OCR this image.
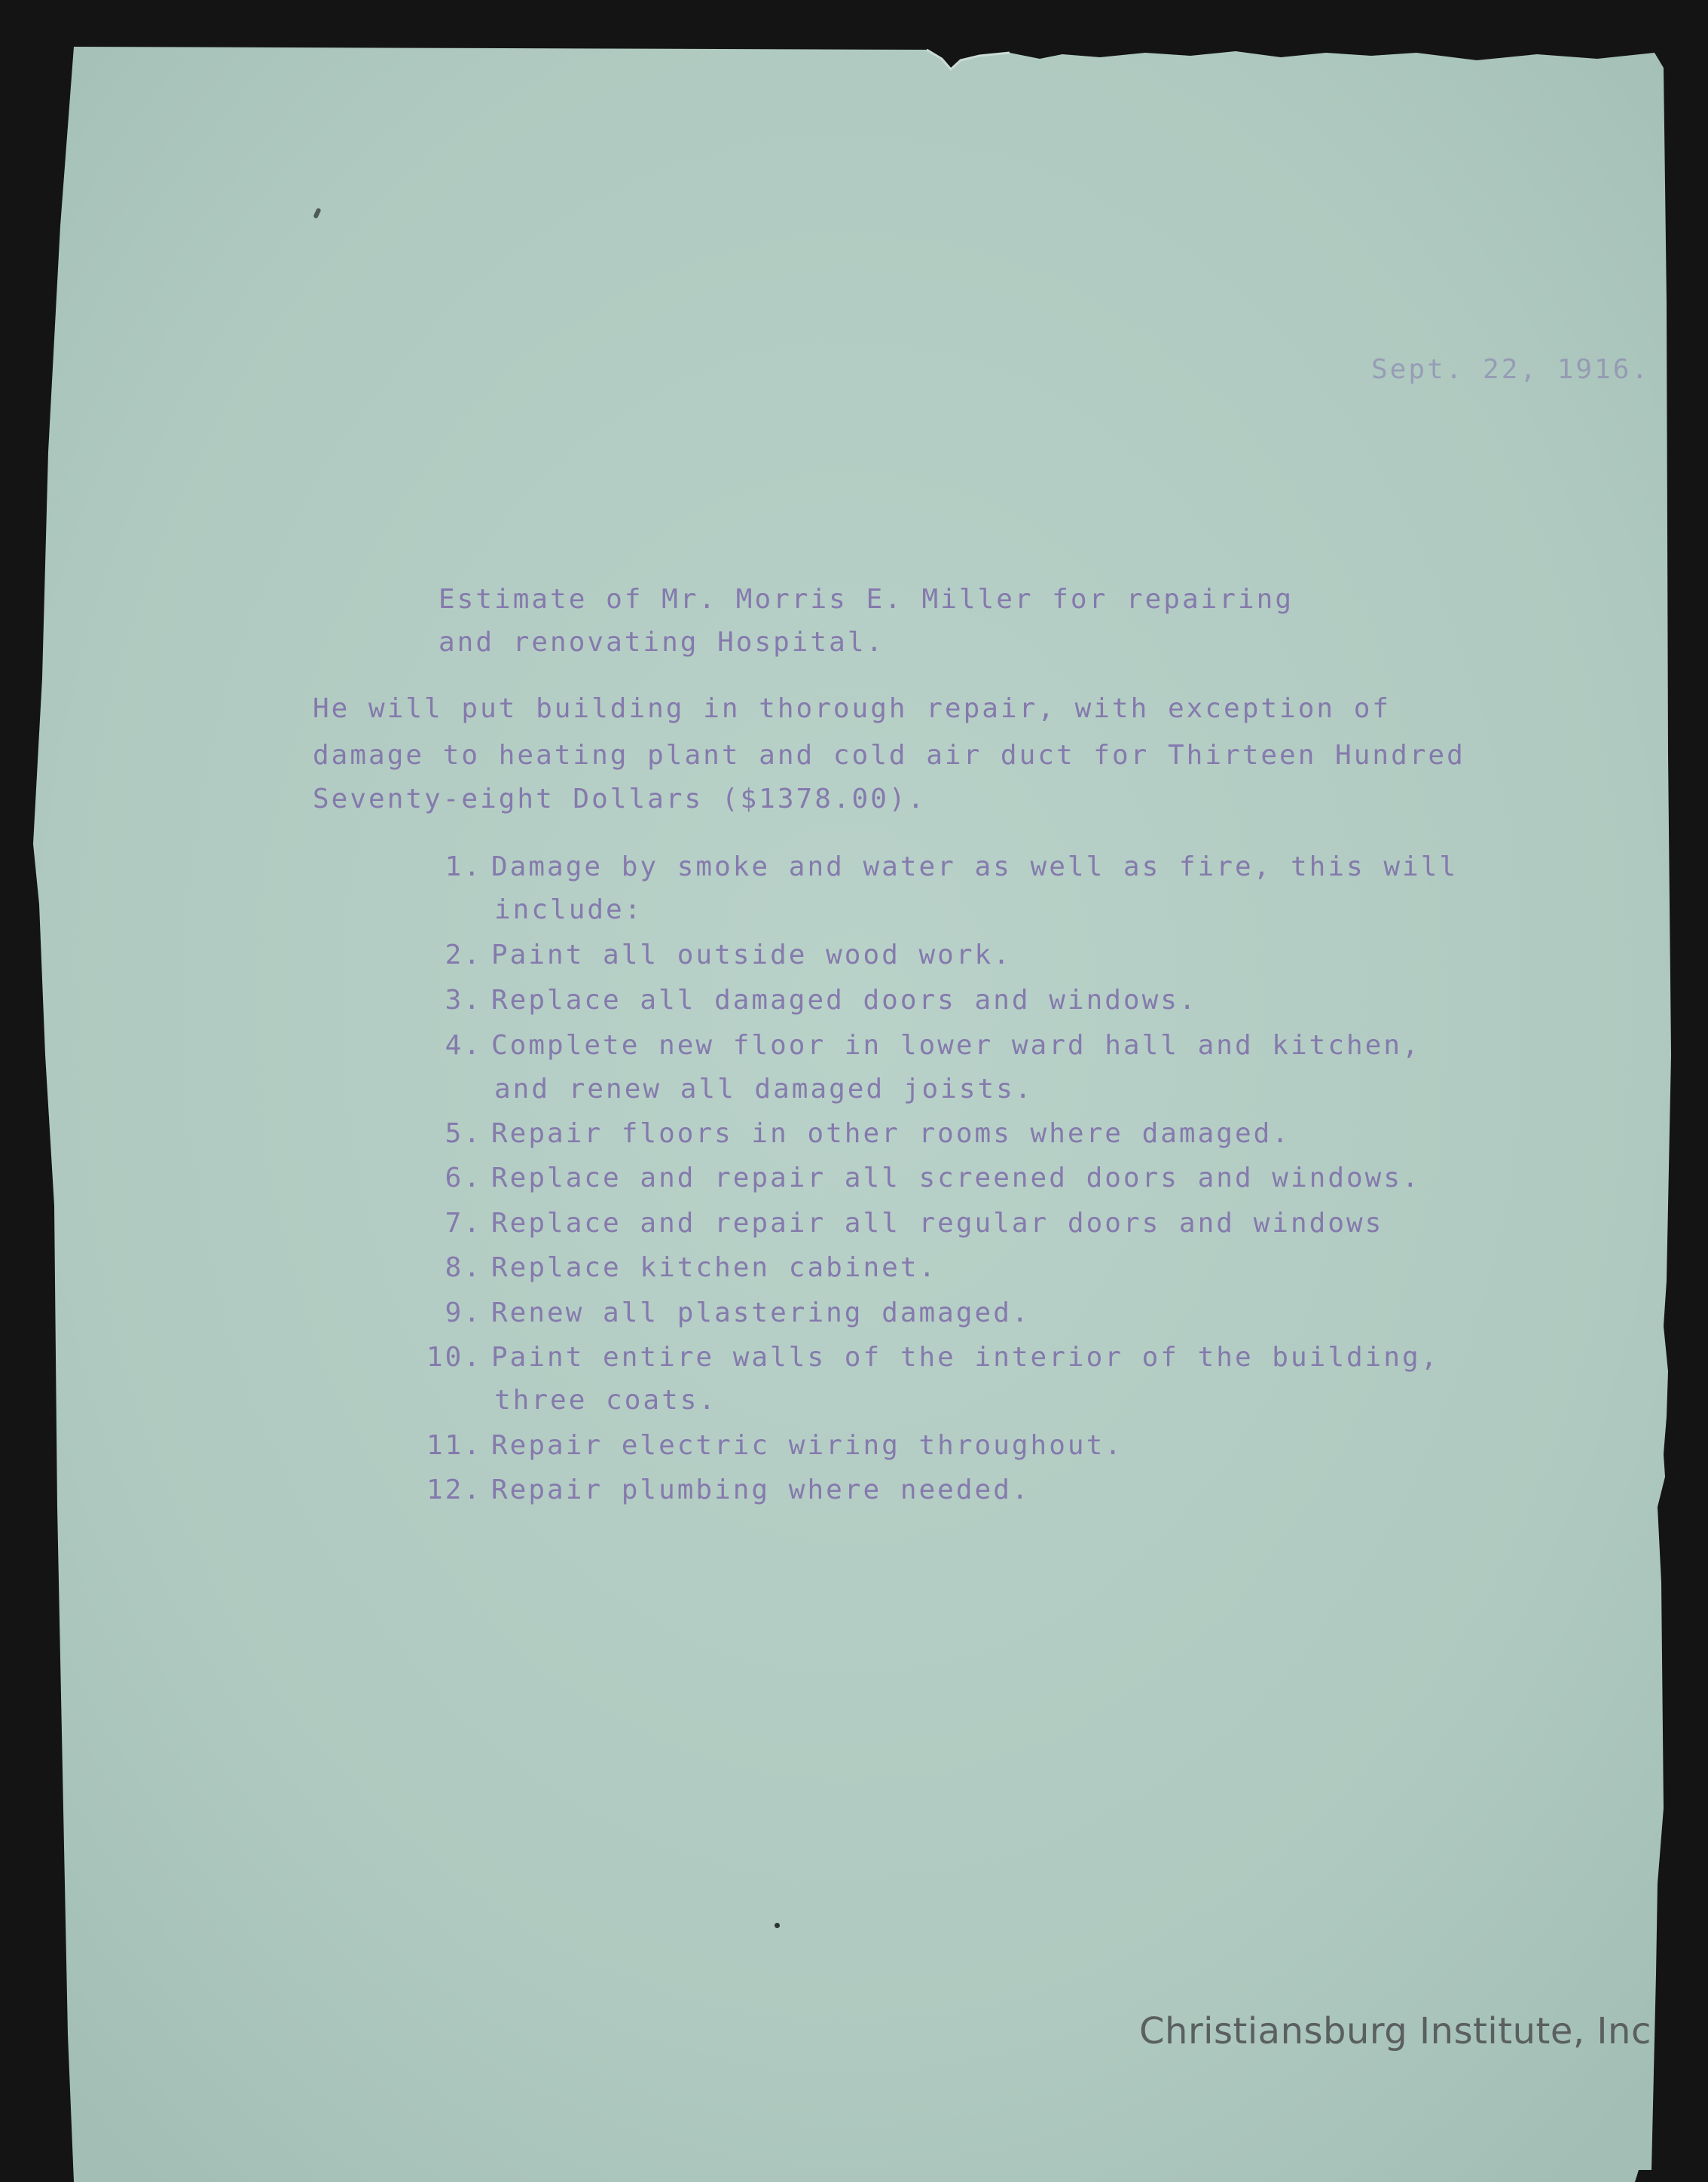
Sept. 22, 1916.
Estimate of Mr. Morris E. Miller for repairing
and renovating Hospital.
He will put building in thorough repair, with exception of
damage to heating plant and cold air duct for Thirteen Hundred
Seventy-eight Dollars ($1378.00).
1. Damage by smoke and water as well as fire, this will
include:
2. Paint all outside wood work.
3. Replace all damaged doors and windows.
4. Complete new floor in lower ward hall and kitchen,
and renew all damaged joists.
5. Repair floors in other rooms where damaged.
6. Replace and repair all screened doors and windows.
7. Replace and repair all regular doors and windows
8. Replace kitchen cabinet.
9. Renew all plastering damaged.
10. Paint entire walls of the interior of the building,
three coats.
11. Repair electric wiring throughout.
12. Repair plumbing where needed.
Christiansburg Institute, Inc
